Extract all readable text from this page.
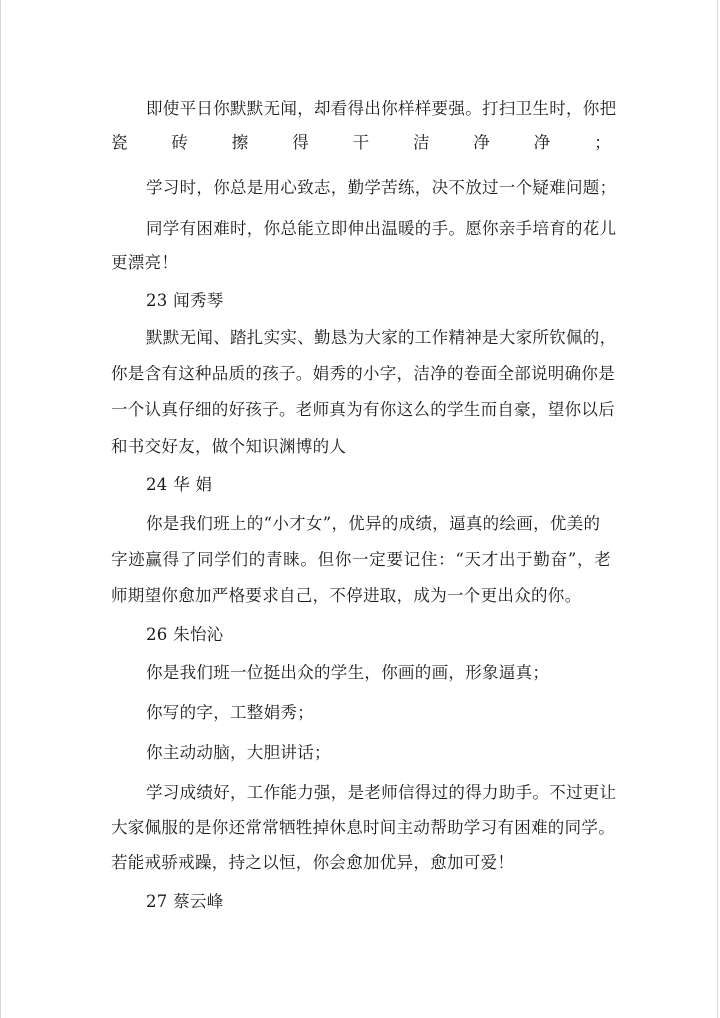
即使平日你默默无闻，却看得出你样样要强。打扫卫生时，你把
瓷砖擦得干洁净净；
学习时，你总是用心致志，勤学苦练，决不放过一个疑难问题；
同学有困难时，你总能立即伸出温暖的手。愿你亲手培育的花儿
更漂亮！
23 闻秀琴
默默无闻、踏扎实实、勤恳为大家的工作精神是大家所钦佩的，
你是含有这种品质的孩子。娟秀的小字，洁净的卷面全部说明确你是
一个认真仔细的好孩子。老师真为有你这么的学生而自豪，望你以后
和书交好友，做个知识渊博的人
24 华 娟
你是我们班上的“小才女”，优异的成绩，逼真的绘画，优美的
字迹赢得了同学们的青睐。但你一定要记住：“天才出于勤奋”，老
师期望你愈加严格要求自己，不停进取，成为一个更出众的你。
26 朱怡沁
你是我们班一位挺出众的学生，你画的画，形象逼真；
你写的字，工整娟秀；
你主动动脑，大胆讲话；
学习成绩好，工作能力强，是老师信得过的得力助手。不过更让
大家佩服的是你还常常牺牲掉休息时间主动帮助学习有困难的同学。
若能戒骄戒躁，持之以恒，你会愈加优异，愈加可爱！
27 蔡云峰
